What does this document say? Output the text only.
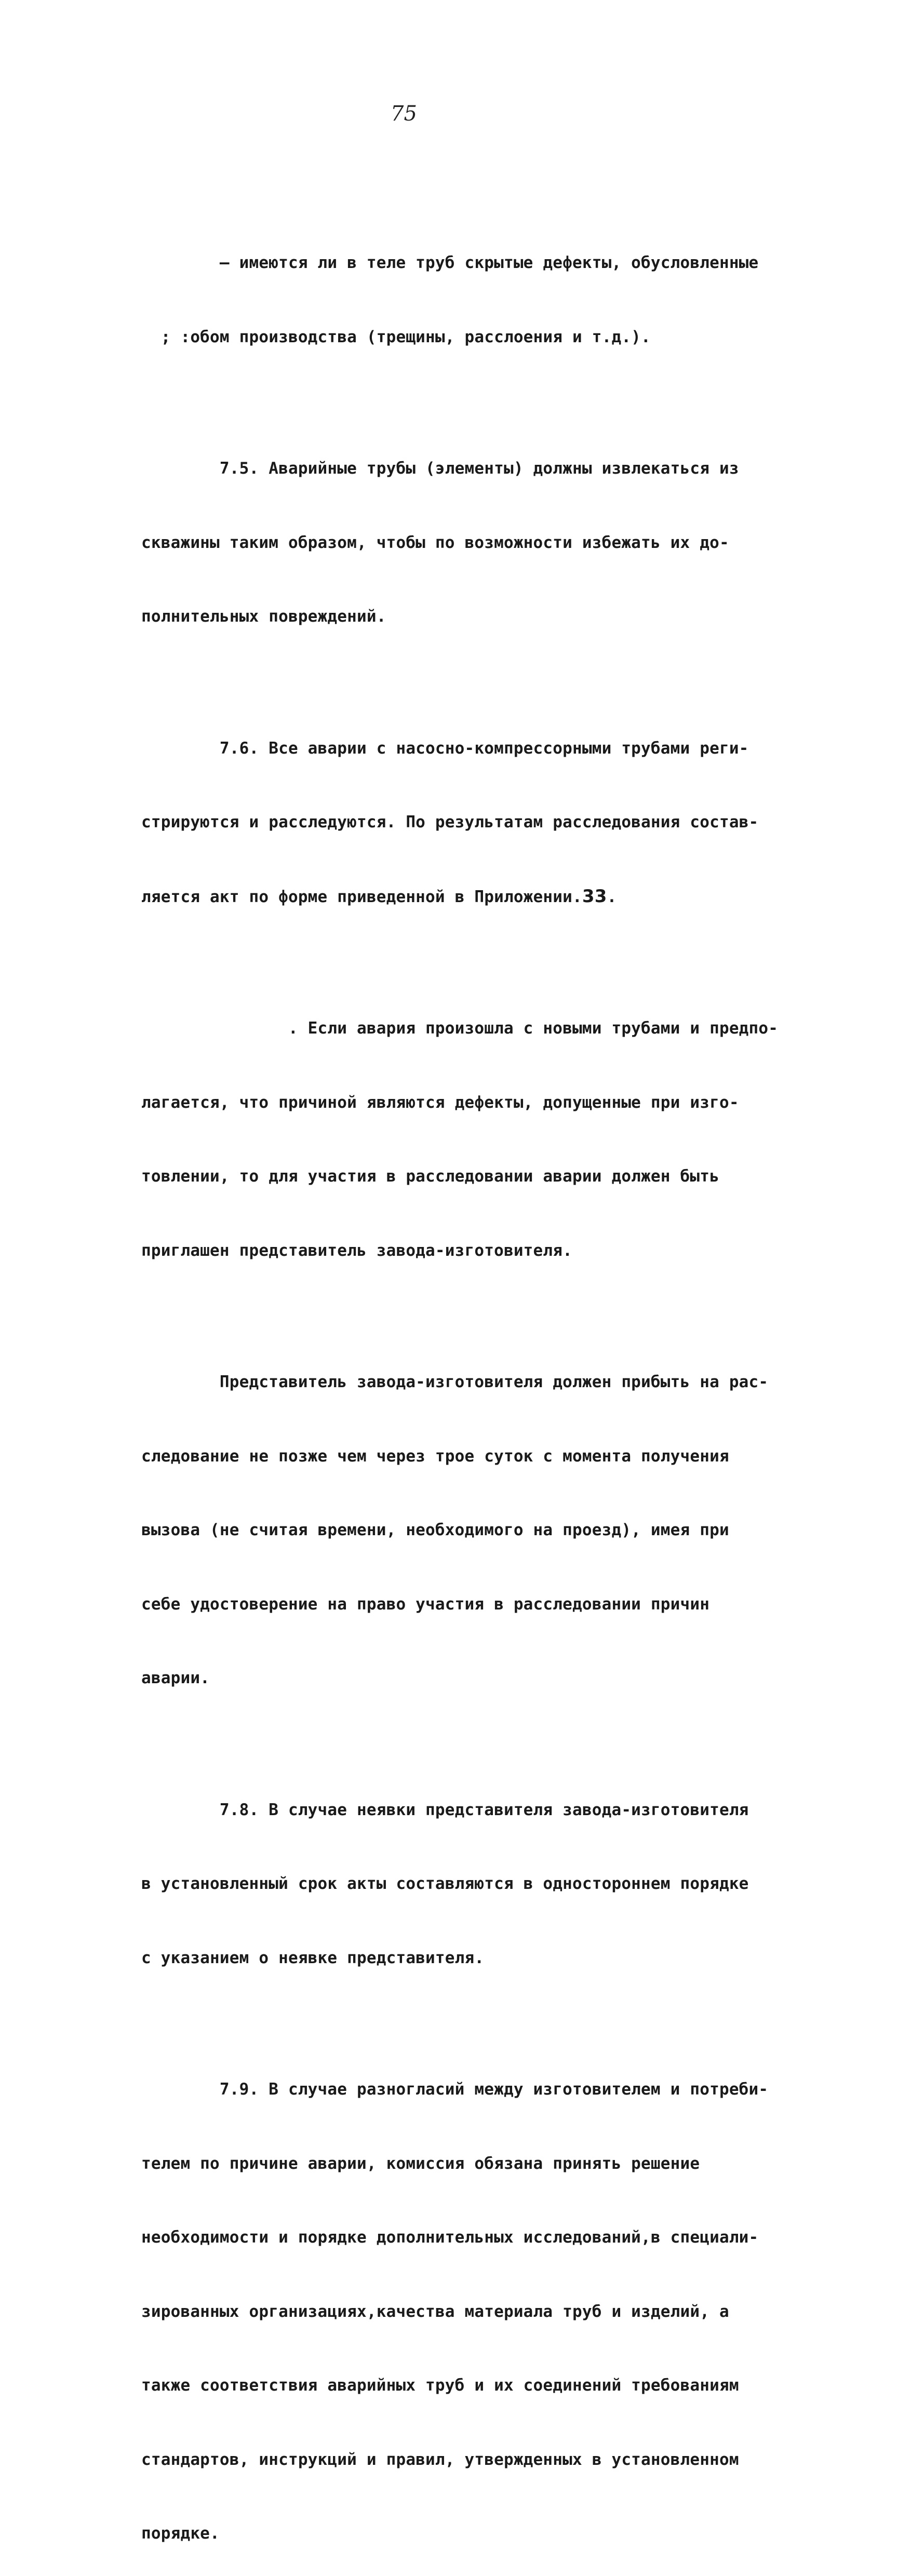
75

– имеются ли в теле труб скрытые дефекты, обусловленные

; :обом производства (трещины, расслоения и т.д.).

7.5. Аварийные трубы (элементы) должны извлекаться из

скважины таким образом, чтобы по возможности избежать их до-

полнительных повреждений.

7.6. Все аварии с насосно-компрессорными трубами реги-

стрируются и расследуются. По результатам расследования состав-

ляется акт по форме приведенной в Приложении.33.

. Если авария произошла с новыми трубами и предпо-

лагается, что причиной являются дефекты, допущенные при изго-

товлении, то для участия в расследовании аварии должен быть

приглашен представитель завода-изготовителя.

Представитель завода-изготовителя должен прибыть на рас-

следование не позже чем через трое суток с момента получения

вызова (не считая времени, необходимого на проезд), имея при

себе удостоверение на право участия в расследовании причин

аварии.

7.8. В случае неявки представителя завода-изготовителя

в установленный срок акты составляются в одностороннем порядке

с указанием о неявке представителя.

7.9. В случае разногласий между изготовителем и потреби-

телем по причине аварии, комиссия обязана принять решение

необходимости и порядке дополнительных исследований,в специали-

зированных организациях,качества материала труб и изделий, а

также соответствия аварийных труб и их соединений требованиям

стандартов, инструкций и правил, утвержденных в установленном

порядке.
